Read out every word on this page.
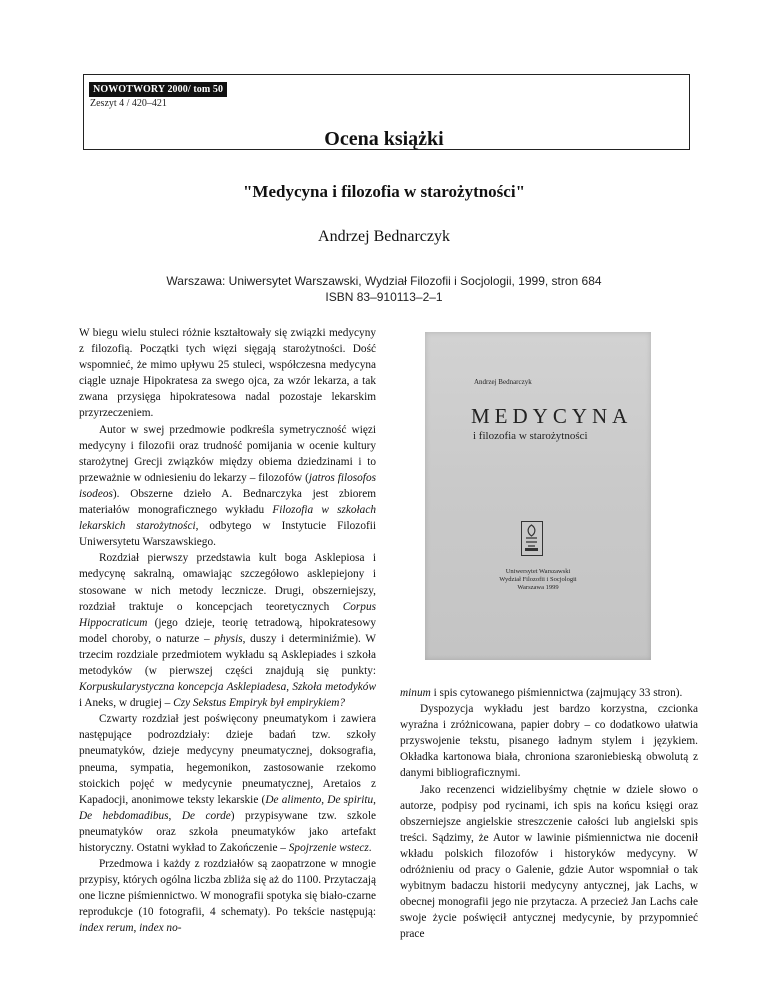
NOWOTWORY 2000/ tom 50
Zeszyt 4 / 420–421
Ocena książki
"Medycyna i filozofia w starożytności"
Andrzej Bednarczyk
Warszawa: Uniwersytet Warszawski, Wydział Filozofii i Socjologii, 1999, stron 684
ISBN 83–910113–2–1

W biegu wielu stuleci różnie kształtowały się związki medycyny z filozofią. Początki tych więzi sięgają starożytności. Dość wspomnieć, że mimo upływu 25 stuleci, współczesna medycyna ciągle uznaje Hipokratesa za swego ojca, za wzór lekarza, a tak zwana przysięga hipokratesowa nadal pozostaje lekarskim przyrzeczeniem.

Autor w swej przedmowie podkreśla symetryczność więzi medycyny i filozofii oraz trudność pomijania w ocenie kultury starożytnej Grecji związków między obiema dziedzinami i to przeważnie w odniesieniu do lekarzy – filozofów (jatros filosofos isodeos). Obszerne dzieło A. Bednarczyka jest zbiorem materiałów monograficznego wykładu Filozofia w szkołach lekarskich starożytności, odbytego w Instytucie Filozofii Uniwersytetu Warszawskiego.

Rozdział pierwszy przedstawia kult boga Asklepiosa i medycynę sakralną, omawiając szczegółowo asklepiejony i stosowane w nich metody lecznicze. Drugi, obszerniejszy, rozdział traktuje o koncepcjach teoretycznych Corpus Hippocraticum (jego dzieje, teorię tetradową, hipokratesowy model choroby, o naturze – physis, duszy i determiniźmie). W trzecim rozdziale przedmiotem wykładu są Asklepiades i szkoła metodyków (w pierwszej części znajdują się punkty: Korpuskularystyczna koncepcja Asklepiadesa, Szkoła metodyków i Aneks, w drugiej – Czy Sekstus Empiryk był empirykiem?

Czwarty rozdział jest poświęcony pneumatykom i zawiera następujące podrozdziały: dzieje badań tzw. szkoły pneumatyków, dzieje medycyny pneumatycznej, doksografia, pneuma, sympatia, hegemonikon, zastosowanie rzekomo stoickich pojęć w medycynie pneumatycznej, Aretaios z Kapadocji, anonimowe teksty lekarskie (De alimento, De spiritu, De hebdomadibus, De corde) przypisywane tzw. szkole pneumatyków oraz szkoła pneumatyków jako artefakt historyczny. Ostatni wykład to Zakończenie – Spojrzenie wstecz.

Przedmowa i każdy z rozdziałów są zaopatrzone w mnogie przypisy, których ogólna liczba zbliża się aż do 1100. Przytaczają one liczne piśmiennictwo. W monografii spotyka się biało-czarne reprodukcje (10 fotografii, 4 schematy). Po tekście następują: index rerum, index no-

Andrzej Bednarczyk
MEDYCYNA
i filozofia w starożytności
Uniwersytet Warszawski
Wydział Filozofii i Socjologii
Warszawa 1999

minum i spis cytowanego piśmiennictwa (zajmujący 33 stron).

Dyspozycja wykładu jest bardzo korzystna, czcionka wyraźna i zróżnicowana, papier dobry – co dodatkowo ułatwia przyswojenie tekstu, pisanego ładnym stylem i językiem. Okładka kartonowa biała, chroniona szaroniebieską obwolutą z danymi bibliograficznymi.

Jako recenzenci widzielibyśmy chętnie w dziele słowo o autorze, podpisy pod rycinami, ich spis na końcu księgi oraz obszerniejsze angielskie streszczenie całości lub angielski spis treści. Sądzimy, że Autor w lawinie piśmiennictwa nie docenił wkładu polskich filozofów i historyków medycyny. W odróżnieniu od pracy o Galenie, gdzie Autor wspomniał o tak wybitnym badaczu historii medycyny antycznej, jak Lachs, w obecnej monografii jego nie przytacza. A przecież Jan Lachs całe swoje życie poświęcił antycznej medycynie, by przypomnieć prace
